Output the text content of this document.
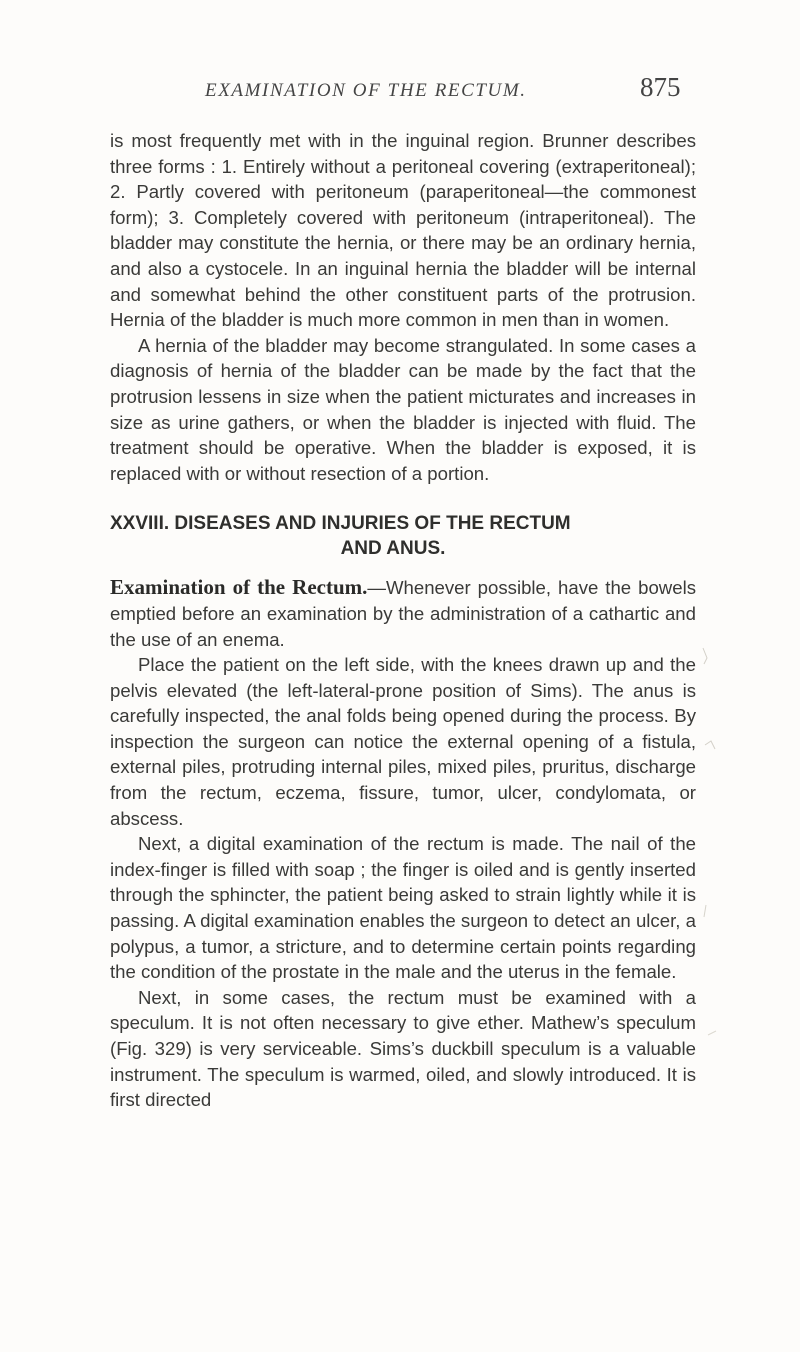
EXAMINATION OF THE RECTUM.	875

is most frequently met with in the inguinal region. Brunner describes three forms : 1. Entirely without a peritoneal covering (extraperitoneal); 2. Partly covered with peritoneum (paraperitoneal—the commonest form); 3. Completely covered with peritoneum (intraperitoneal). The bladder may constitute the hernia, or there may be an ordinary hernia, and also a cystocele. In an inguinal hernia the bladder will be internal and somewhat behind the other constituent parts of the protrusion. Hernia of the bladder is much more common in men than in women.

A hernia of the bladder may become strangulated. In some cases a diagnosis of hernia of the bladder can be made by the fact that the protrusion lessens in size when the patient micturates and increases in size as urine gathers, or when the bladder is injected with fluid. The treatment should be operative. When the bladder is exposed, it is replaced with or without resection of a portion.

XXVIII. DISEASES AND INJURIES OF THE RECTUM
AND ANUS.

Examination of the Rectum.—Whenever possible, have the bowels emptied before an examination by the administration of a cathartic and the use of an enema.

Place the patient on the left side, with the knees drawn up and the pelvis elevated (the left-lateral-prone position of Sims). The anus is carefully inspected, the anal folds being opened during the process. By inspection the surgeon can notice the external opening of a fistula, external piles, protruding internal piles, mixed piles, pruritus, discharge from the rectum, eczema, fissure, tumor, ulcer, condylomata, or abscess.

Next, a digital examination of the rectum is made. The nail of the index-finger is filled with soap ; the finger is oiled and is gently inserted through the sphincter, the patient being asked to strain lightly while it is passing. A digital examination enables the surgeon to detect an ulcer, a polypus, a tumor, a stricture, and to determine certain points regarding the condition of the prostate in the male and the uterus in the female.

Next, in some cases, the rectum must be examined with a speculum. It is not often necessary to give ether. Mathew’s speculum (Fig. 329) is very serviceable. Sims’s duckbill speculum is a valuable instrument. The speculum is warmed, oiled, and slowly introduced. It is first directed
